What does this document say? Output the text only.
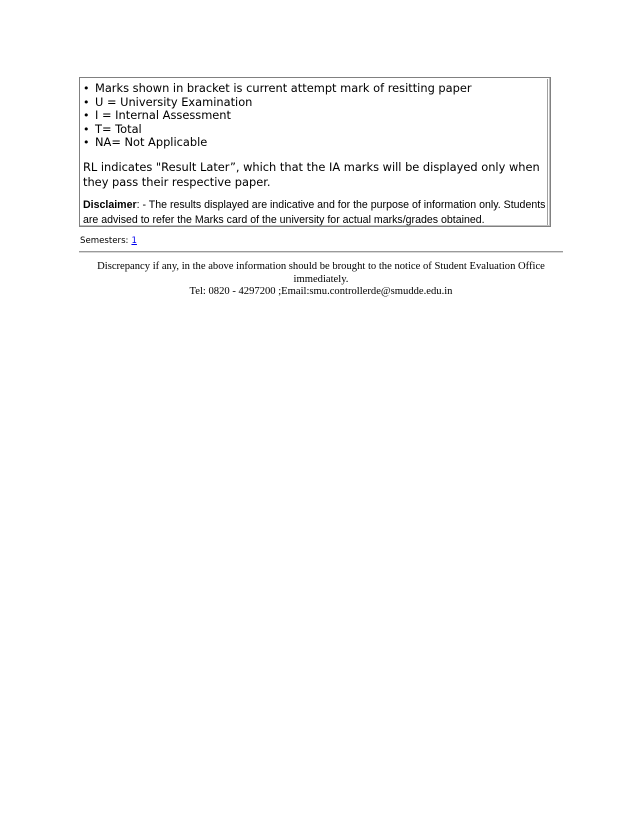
• Marks shown in bracket is current attempt mark of resitting paper
• U = University Examination
• I = Internal Assessment
• T= Total
• NA= Not Applicable

RL indicates "Result Later”, which that the IA marks will be displayed only when they pass their respective paper.

Disclaimer: - The results displayed are indicative and for the purpose of information only. Students are advised to refer the Marks card of the university for actual marks/grades obtained.

Semesters: 1

Discrepancy if any, in the above information should be brought to the notice of Student Evaluation Office immediately.

Tel: 0820 - 4297200 ;Email:smu.controllerde@smudde.edu.in
